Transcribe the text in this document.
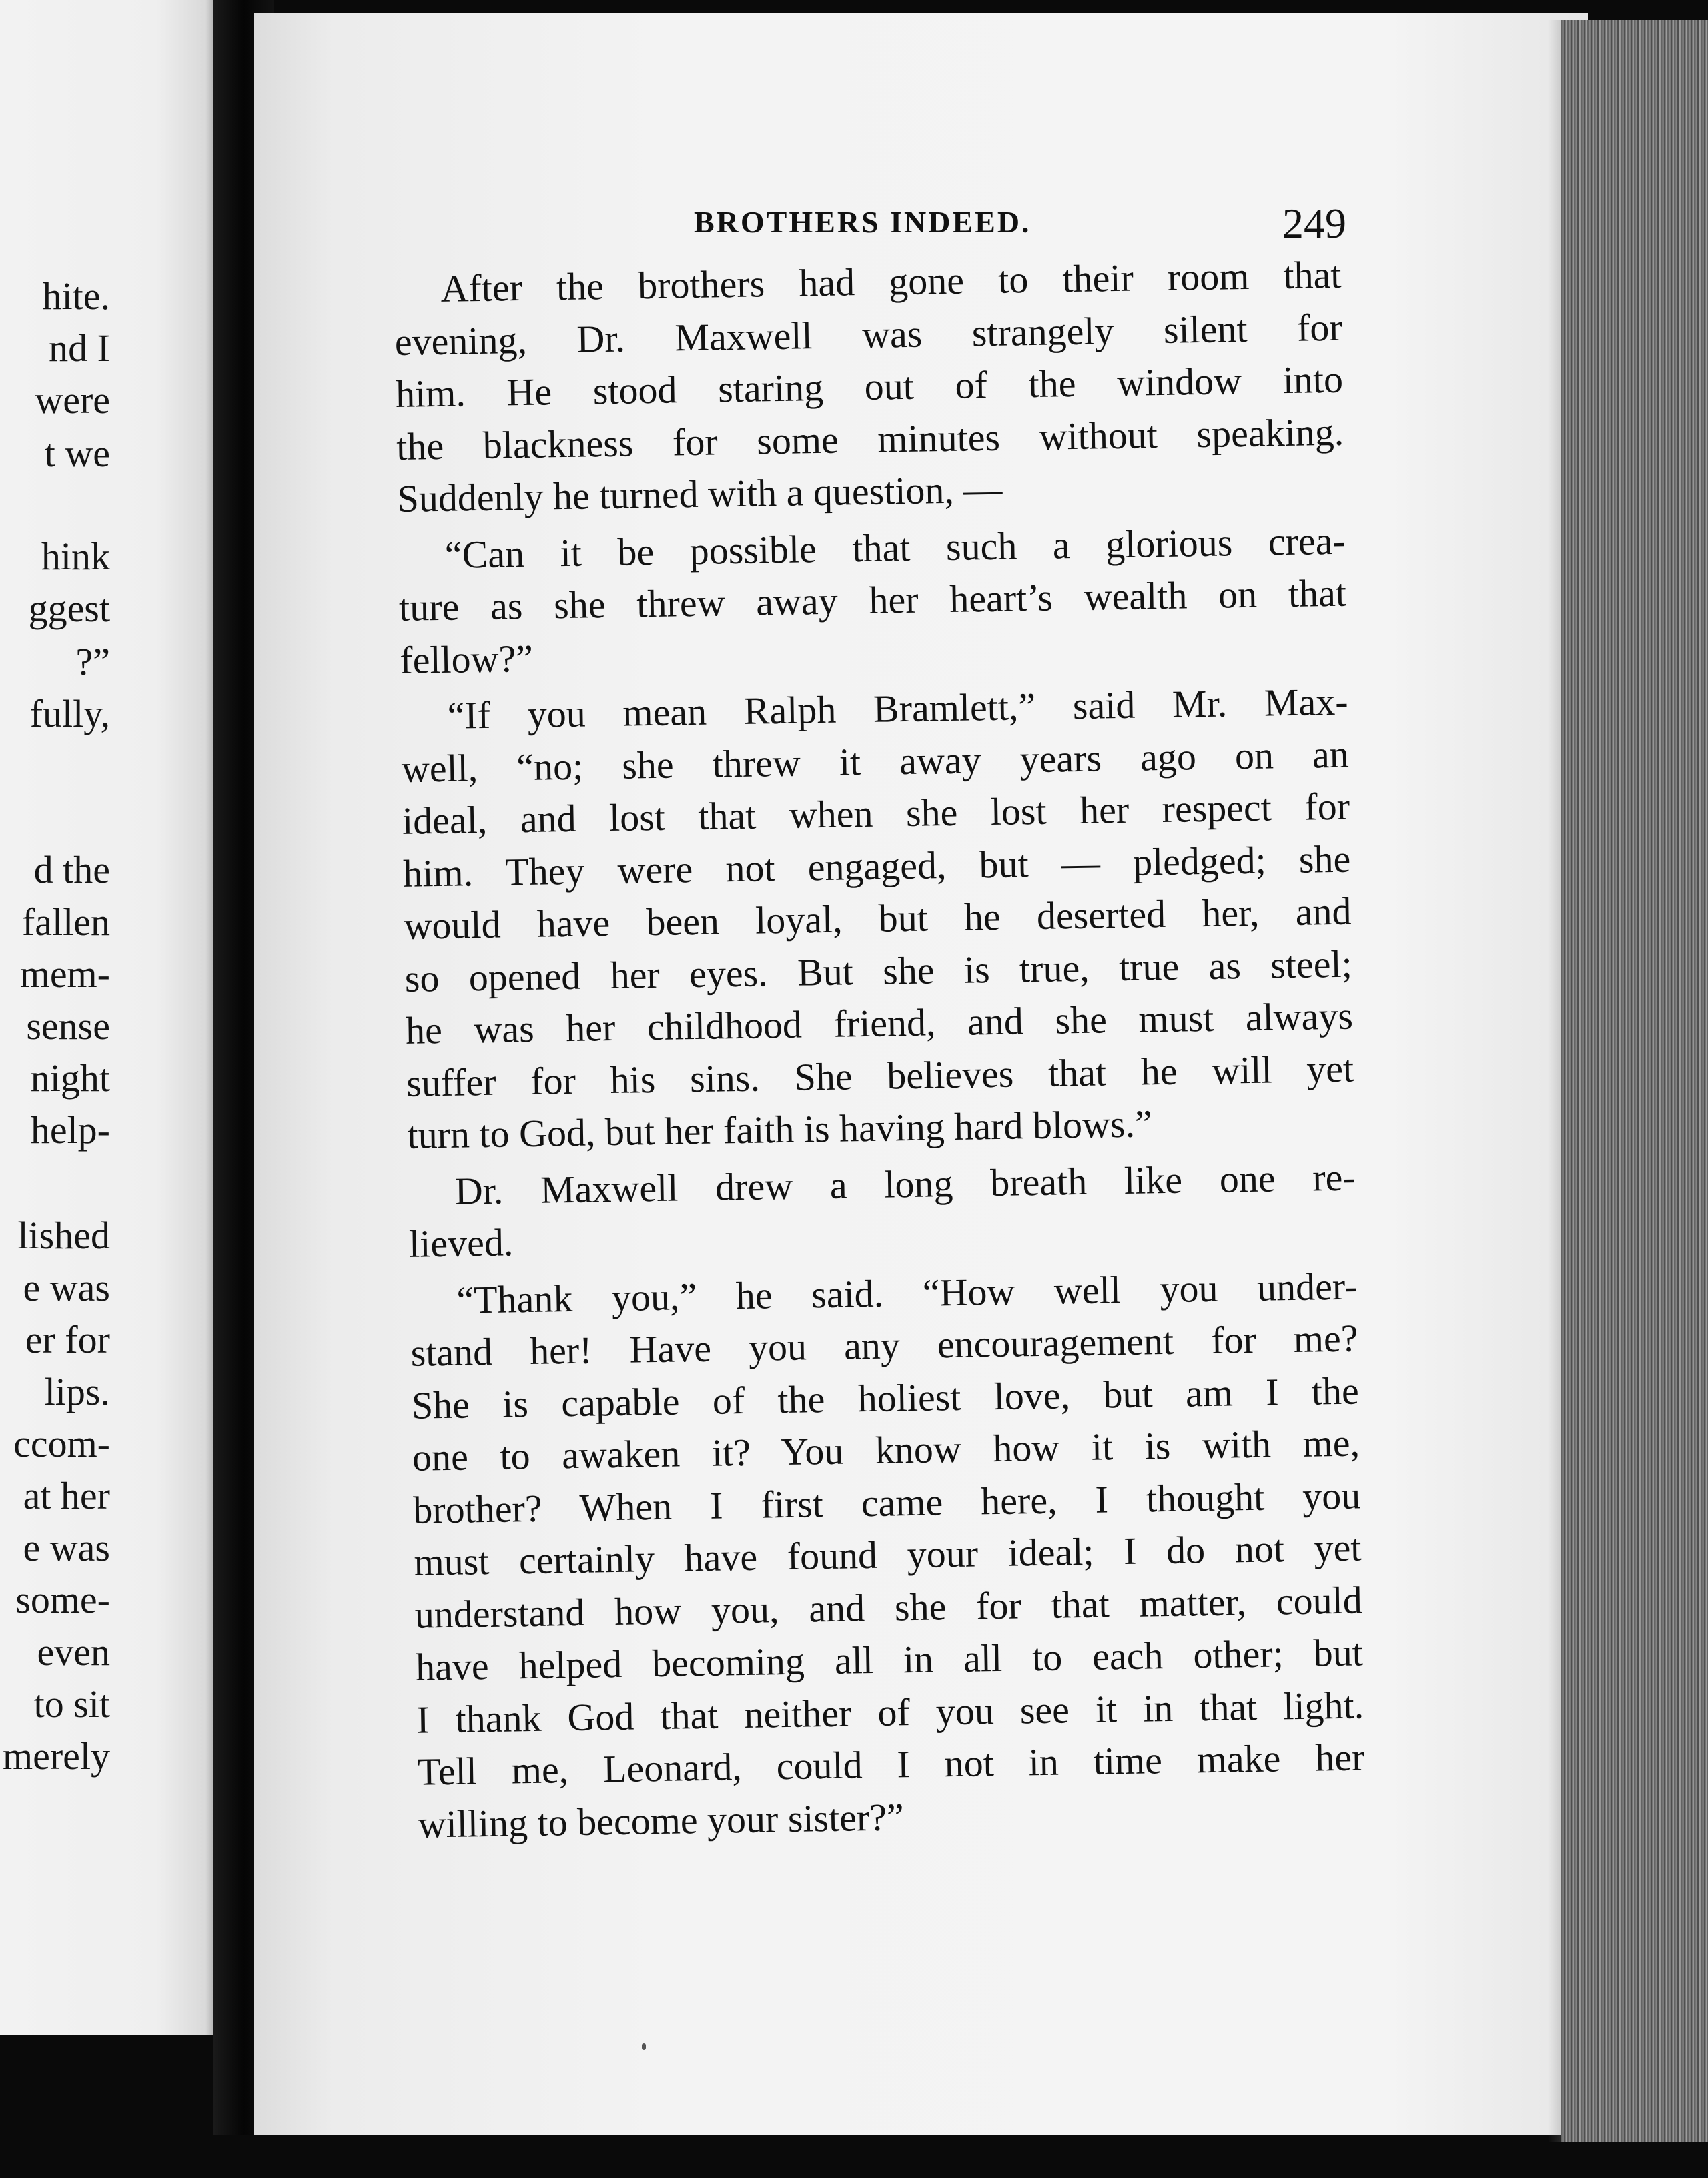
hite.
nd I
were
t we
hink
ggest
?”
fully,
d the
fallen
mem-
sense
night
help-
lished
e was
er for
lips.
ccom-
at her
e was
some-
even
to sit
merely
BROTHERS INDEED.	249
After the brothers had gone to their room that
evening, Dr. Maxwell was strangely silent for
him. He stood staring out of the window into
the blackness for some minutes without speaking.
Suddenly he turned with a question, —
“Can it be possible that such a glorious crea-
ture as she threw away her heart’s wealth on that
fellow?”
“If you mean Ralph Bramlett,” said Mr. Max-
well, “no; she threw it away years ago on an
ideal, and lost that when she lost her respect for
him. They were not engaged, but — pledged; she
would have been loyal, but he deserted her, and
so opened her eyes. But she is true, true as steel;
he was her childhood friend, and she must always
suffer for his sins. She believes that he will yet
turn to God, but her faith is having hard blows.”
Dr. Maxwell drew a long breath like one re-
lieved.
“Thank you,” he said. “How well you under-
stand her! Have you any encouragement for me?
She is capable of the holiest love, but am I the
one to awaken it? You know how it is with me,
brother? When I first came here, I thought you
must certainly have found your ideal; I do not yet
understand how you, and she for that matter, could
have helped becoming all in all to each other; but
I thank God that neither of you see it in that light.
Tell me, Leonard, could I not in time make her
willing to become your sister?”
